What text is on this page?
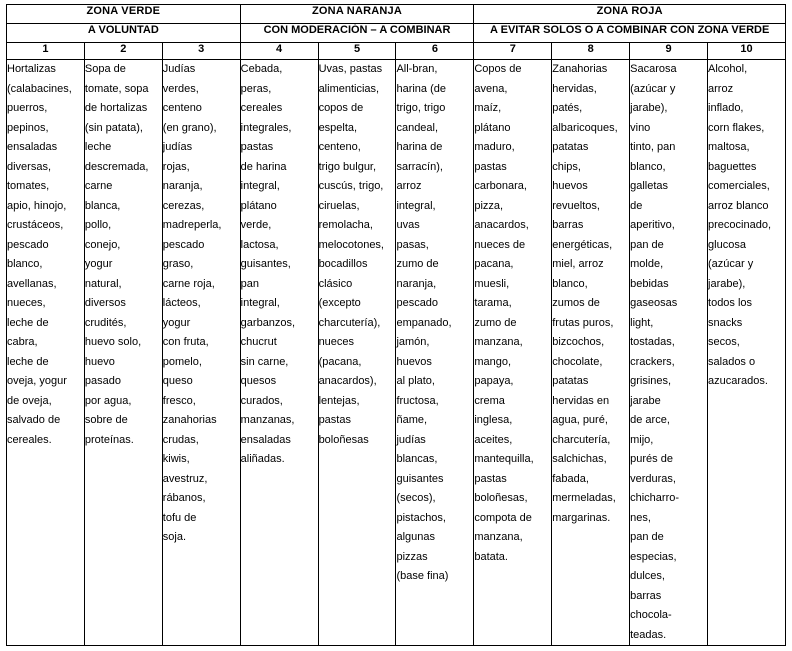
ZONA VERDE			ZONA NARANJA			ZONA ROJA			
A VOLUNTAD			CON MODERACIÓN – A COMBINAR			A EVITAR SOLOS O A COMBINAR CON ZONA VERDE			
1	2	3	4	5	6	7	8	9	10

Hortalizas
(calabacines,
puerros,
pepinos,
ensaladas
diversas,
tomates,
apio, hinojo,
crustáceos,
pescado
blanco,
avellanas,
nueces,
leche de
cabra,
leche de
oveja, yogur
de oveja,
salvado de
cereales.

Sopa de
tomate, sopa
de hortalizas
(sin patata),
leche
descremada,
carne
blanca,
pollo,
conejo,
yogur
natural,
diversos
crudités,
huevo solo,
huevo
pasado
por agua,
sobre de
proteínas.

Judías
verdes,
centeno
(en grano),
judías
rojas,
naranja,
cerezas,
madreperla,
pescado
graso,
carne roja,
lácteos,
yogur
con fruta,
pomelo,
queso
fresco,
zanahorias
crudas,
kiwis,
avestruz,
rábanos,
tofu de
soja.

Cebada,
peras,
cereales
integrales,
pastas
de harina
integral,
plátano
verde,
lactosa,
guisantes,
pan
integral,
garbanzos,
chucrut
sin carne,
quesos
curados,
manzanas,
ensaladas
aliñadas.

Uvas, pastas
alimenticias,
copos de
espelta,
centeno,
trigo bulgur,
cuscús, trigo,
ciruelas,
remolacha,
melocotones,
bocadillos
clásico
(excepto
charcutería),
nueces
(pacana,
anacardos),
lentejas,
pastas
boloñesas

All-bran,
harina (de
trigo, trigo
candeal,
harina de
sarracín),
arroz
integral,
uvas
pasas,
zumo de
naranja,
pescado
empanado,
jamón,
huevos
al plato,
fructosa,
ñame,
judías
blancas,
guisantes
(secos),
pistachos,
algunas
pizzas
(base fina)

Copos de
avena,
maíz,
plátano
maduro,
pastas
carbonara,
pizza,
anacardos,
nueces de
pacana,
muesli,
tarama,
zumo de
manzana,
mango,
papaya,
crema
inglesa,
aceites,
mantequilla,
pastas
boloñesas,
compota de
manzana,
batata.

Zanahorias
hervidas,
patés,
albaricoques,
patatas
chips,
huevos
revueltos,
barras
energéticas,
miel, arroz
blanco,
zumos de
frutas puros,
bizcochos,
chocolate,
patatas
hervidas en
agua, puré,
charcutería,
salchichas,
fabada,
mermeladas,
margarinas.

Sacarosa
(azúcar y
jarabe),
vino
tinto, pan
blanco,
galletas
de
aperitivo,
pan de
molde,
bebidas
gaseosas
light,
tostadas,
crackers,
grisines,
jarabe
de arce,
mijo,
purés de
verduras,
chicharro-
nes,
pan de
especias,
dulces,
barras
chocola-
teadas.

Alcohol,
arroz
inflado,
corn flakes,
maltosa,
baguettes
comerciales,
arroz blanco
precocinado,
glucosa
(azúcar y
jarabe),
todos los
snacks
secos,
salados o
azucarados.
